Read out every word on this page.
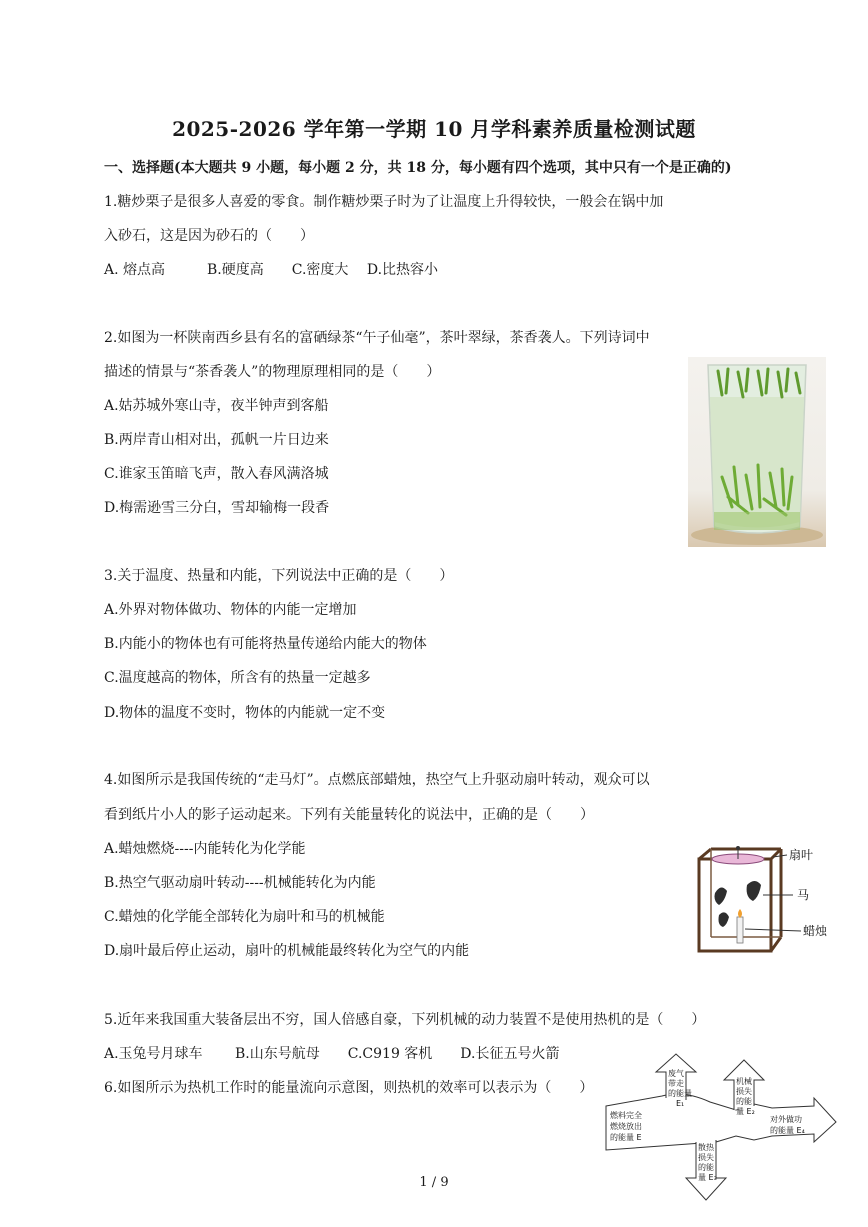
2025-2026 学年第一学期 10 月学科素养质量检测试题
一、选择题(本大题共 9 小题，每小题 2 分，共 18 分，每小题有四个选项，其中只有一个是正确的)
1.糖炒栗子是很多人喜爱的零食。制作糖炒栗子时为了让温度上升得较快，一般会在锅中加
入砂石，这是因为砂石的（　　）
A. 熔点高　　　B.硬度高　　C.密度大　 D.比热容小
2.如图为一杯陕南西乡县有名的富硒绿茶“午子仙毫”，茶叶翠绿，茶香袭人。下列诗词中
描述的情景与“茶香袭人”的物理原理相同的是（　　）
A.姑苏城外寒山寺，夜半钟声到客船
B.两岸青山相对出，孤帆一片日边来
C.谁家玉笛暗飞声，散入春风满洛城
D.梅需逊雪三分白，雪却输梅一段香
3.关于温度、热量和内能，下列说法中正确的是（　　）
A.外界对物体做功、物体的内能一定增加
B.内能小的物体也有可能将热量传递给内能大的物体
C.温度越高的物体，所含有的热量一定越多
D.物体的温度不变时，物体的内能就一定不变
4.如图所示是我国传统的“走马灯”。点燃底部蜡烛，热空气上升驱动扇叶转动，观众可以
看到纸片小人的影子运动起来。下列有关能量转化的说法中，正确的是（　　）
A.蜡烛燃烧----内能转化为化学能
B.热空气驱动扇叶转动----机械能转化为内能
C.蜡烛的化学能全部转化为扇叶和马的机械能
D.扇叶最后停止运动，扇叶的机械能最终转化为空气的内能
扇叶
马
蜡烛
5.近年来我国重大装备层出不穷，国人倍感自豪，下列机械的动力装置不是使用热机的是（　　）
A.玉兔号月球车　　 B.山东号航母　　C.C919 客机　　D.长征五号火箭
6.如图所示为热机工作时的能量流向示意图，则热机的效率可以表示为（　　）
燃料完全
燃烧放出
的能量 E
废气
带走
的能量
E₁
机械
损失
的能
量 E₂
散热
损失
的能
量 E₃
对外做功
的能量 E₄
1 / 9
